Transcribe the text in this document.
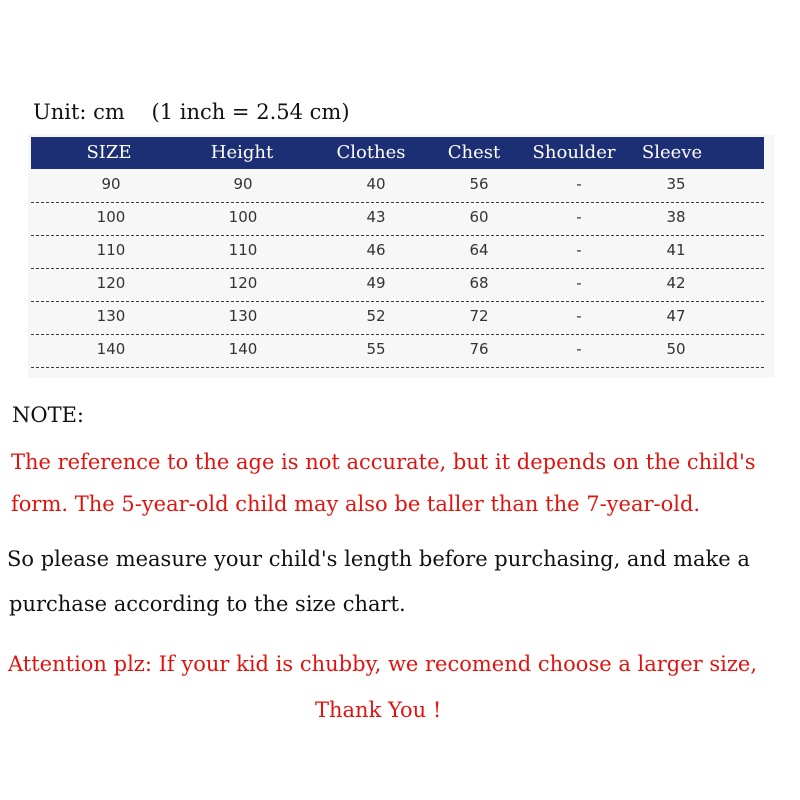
Unit: cm    (1 inch = 2.54 cm)
SIZE	Height	Clothes Chest Shoulder Sleeve
90	90	40	56	-	35
100	100	43	60	-	38
110	110	46	64	-	41
120	120	49	68	-	42
130	130	52	72	-	47
140	140	55	76	-	50
NOTE:
The reference to the age is not accurate, but it depends on the child's
form. The 5-year-old child may also be taller than the 7-year-old.
So please measure your child's length before purchasing, and make a
purchase according to the size chart.
Attention plz: If your kid is chubby, we recomend choose a larger size,
Thank You !
